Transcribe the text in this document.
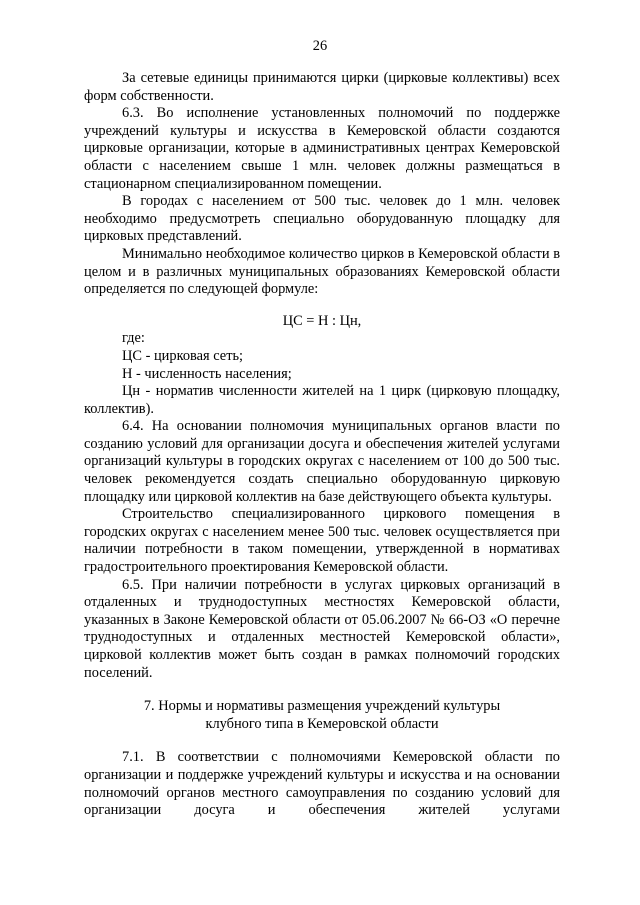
26

За сетевые единицы принимаются цирки (цирковые коллективы) всех форм собственности.

6.3. Во исполнение установленных полномочий по поддержке учреждений культуры и искусства в Кемеровской области создаются цирковые организации, которые в административных центрах Кемеровской области с населением свыше 1 млн. человек должны размещаться в стационарном специализированном помещении.

В городах с населением от 500 тыс. человек до 1 млн. человек необходимо предусмотреть специально оборудованную площадку для цирковых представлений.

Минимально необходимое количество цирков в Кемеровской области в целом и в различных муниципальных образованиях Кемеровской области определяется по следующей формуле:

ЦС = Н : Цн,

где:

ЦС - цирковая сеть;

Н - численность населения;

Цн - норматив численности жителей на 1 цирк (цирковую площадку, коллектив).

6.4. На основании полномочия муниципальных органов власти по созданию условий для организации досуга и обеспечения жителей услугами организаций культуры в городских округах с населением от 100 до 500 тыс. человек рекомендуется создать специально оборудованную цирковую площадку или цирковой коллектив на базе действующего объекта культуры.

Строительство специализированного циркового помещения в городских округах с населением менее 500 тыс. человек осуществляется при наличии потребности в таком помещении, утвержденной в нормативах градостроительного проектирования Кемеровской области.

6.5. При наличии потребности в услугах цирковых организаций в отдаленных и труднодоступных местностях Кемеровской области, указанных в Законе Кемеровской области от 05.06.2007 № 66-ОЗ «О перечне труднодоступных и отдаленных местностей Кемеровской области», цирковой коллектив может быть создан в рамках полномочий городских поселений.

7. Нормы и нормативы размещения учреждений культуры
клубного типа в Кемеровской области

7.1. В соответствии с полномочиями Кемеровской области по организации и поддержке учреждений культуры и искусства и на основании полномочий органов местного самоуправления по созданию условий для организации досуга и обеспечения жителей услугами
